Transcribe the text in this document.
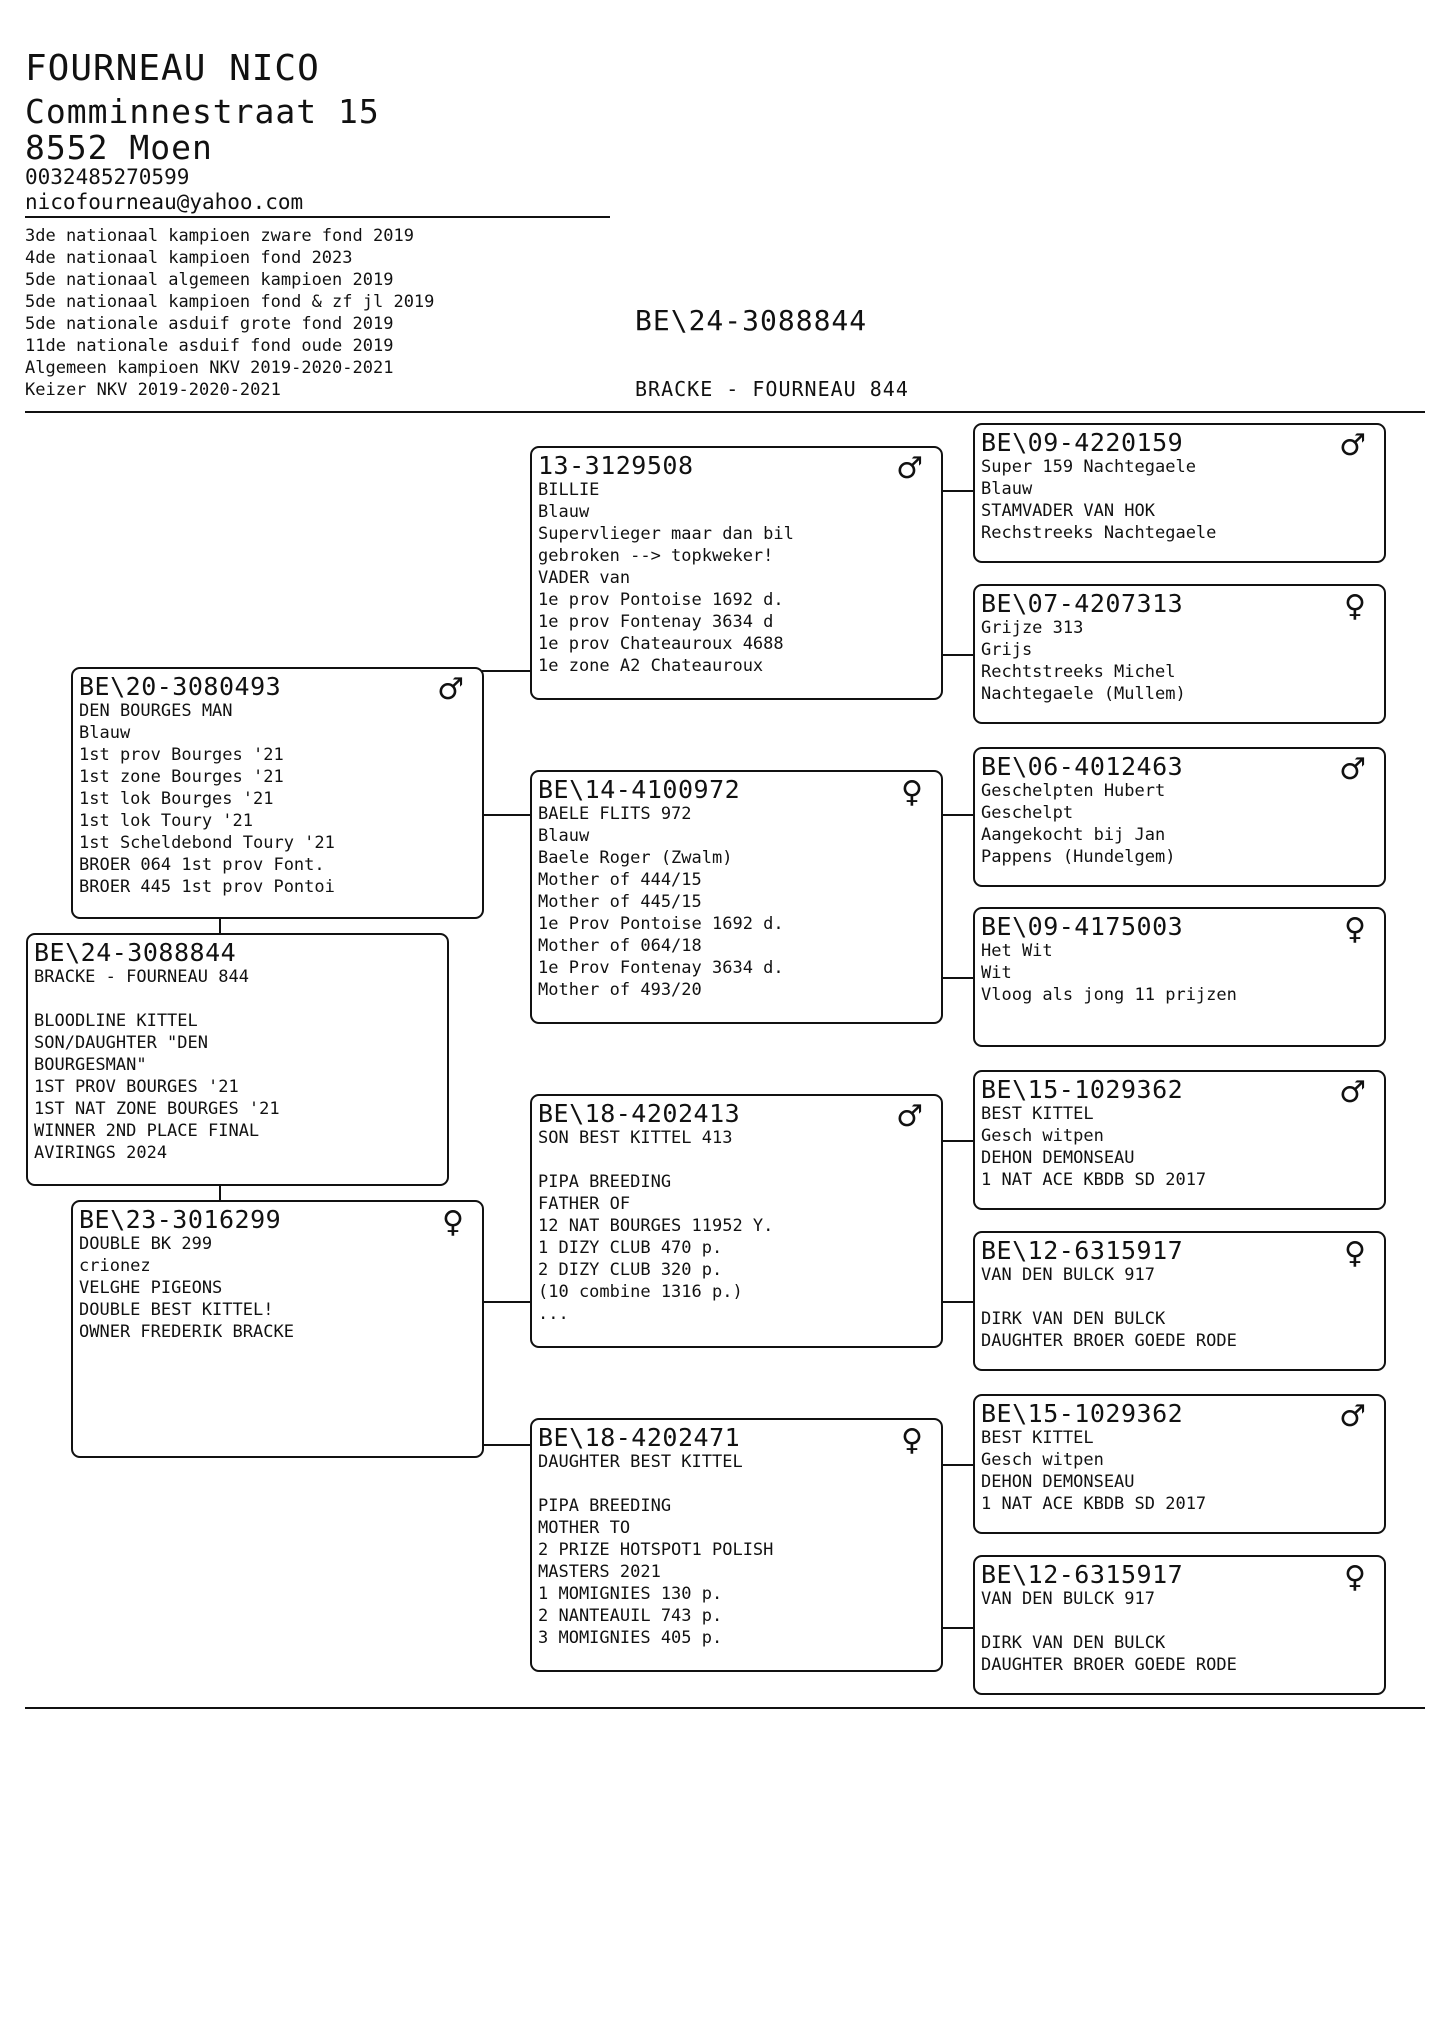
FOURNEAU NICO
Comminnestraat 15
8552 Moen
0032485270599
nicofourneau@yahoo.com
3de nationaal kampioen zware fond 2019
4de nationaal kampioen fond 2023
5de nationaal algemeen kampioen 2019
5de nationaal kampioen fond & zf jl 2019
5de nationale asduif grote fond 2019
11de nationale asduif fond oude 2019
Algemeen kampioen NKV 2019-2020-2021
Keizer NKV 2019-2020-2021
BE\24-3088844
BRACKE - FOURNEAU 844
BE\24-3088844
BRACKE - FOURNEAU 844
BLOODLINE KITTEL
SON/DAUGHTER "DEN
BOURGESMAN"
1ST PROV BOURGES '21
1ST NAT ZONE BOURGES '21
WINNER 2ND PLACE FINAL
AVIRINGS 2024
BE\20-3080493	♂
DEN BOURGES MAN
Blauw
1st prov Bourges '21
1st zone Bourges '21
1st lok Bourges '21
1st lok Toury '21
1st Scheldebond Toury '21
BROER 064 1st prov Font.
BROER 445 1st prov Pontoi
BE\23-3016299	♀
DOUBLE BK 299
crionez
VELGHE PIGEONS
DOUBLE BEST KITTEL!
OWNER FREDERIK BRACKE
13-3129508	♂
BILLIE
Blauw
Supervlieger maar dan bil
gebroken --> topkweker!
VADER van
1e prov Pontoise 1692 d.
1e prov Fontenay 3634 d
1e prov Chateauroux 4688
1e zone A2 Chateauroux
BE\14-4100972	♀
BAELE FLITS 972
Blauw
Baele Roger (Zwalm)
Mother of 444/15
Mother of 445/15
1e Prov Pontoise 1692 d.
Mother of 064/18
1e Prov Fontenay 3634 d.
Mother of 493/20
BE\18-4202413	♂
SON BEST KITTEL 413
PIPA BREEDING
FATHER OF
12 NAT BOURGES 11952 Y.
1 DIZY CLUB 470 p.
2 DIZY CLUB 320 p.
(10 combine 1316 p.)
...
BE\18-4202471	♀
DAUGHTER BEST KITTEL
PIPA BREEDING
MOTHER TO
2 PRIZE HOTSPOT1 POLISH
MASTERS 2021
1 MOMIGNIES 130 p.
2 NANTEAUIL 743 p.
3 MOMIGNIES 405 p.
BE\09-4220159	♂
Super 159 Nachtegaele
Blauw
STAMVADER VAN HOK
Rechstreeks Nachtegaele
BE\07-4207313	♀
Grijze 313
Grijs
Rechtstreeks Michel
Nachtegaele (Mullem)
BE\06-4012463	♂
Geschelpten Hubert
Geschelpt
Aangekocht bij Jan
Pappens (Hundelgem)
BE\09-4175003	♀
Het Wit
Wit
Vloog als jong 11 prijzen
BE\15-1029362	♂
BEST KITTEL
Gesch witpen
DEHON DEMONSEAU
1 NAT ACE KBDB SD 2017
BE\12-6315917	♀
VAN DEN BULCK 917
DIRK VAN DEN BULCK
DAUGHTER BROER GOEDE RODE
BE\15-1029362	♂
BEST KITTEL
Gesch witpen
DEHON DEMONSEAU
1 NAT ACE KBDB SD 2017
BE\12-6315917	♀
VAN DEN BULCK 917
DIRK VAN DEN BULCK
DAUGHTER BROER GOEDE RODE
